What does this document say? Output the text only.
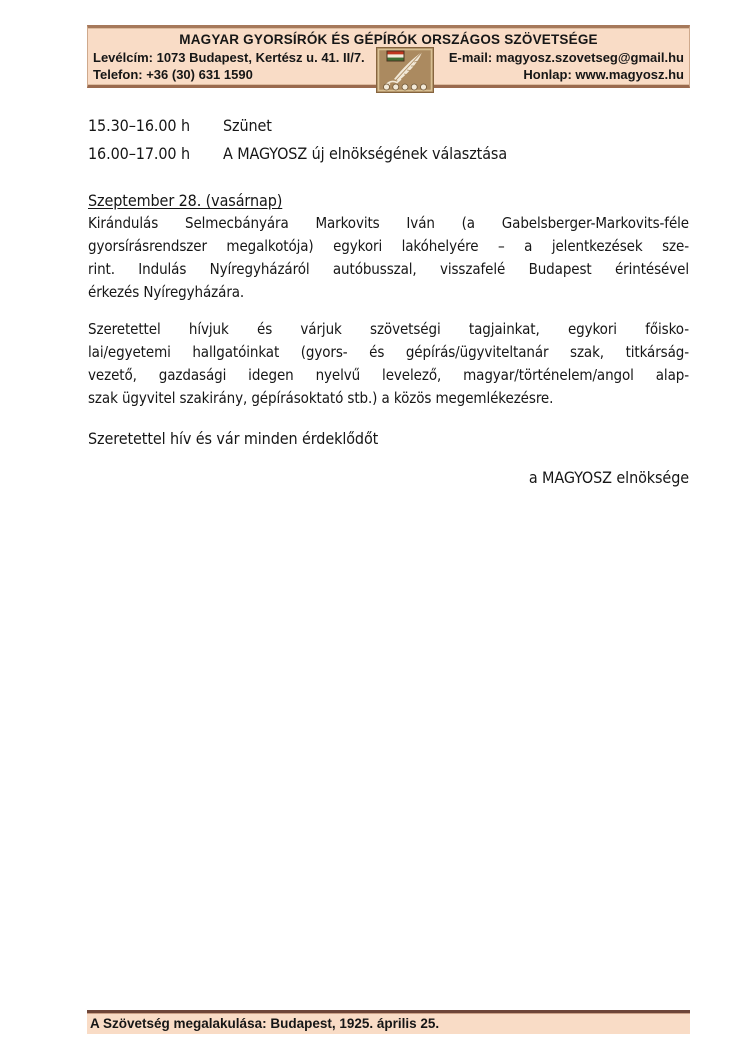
MAGYAR GYORSÍRÓK ÉS GÉPÍRÓK ORSZÁGOS SZÖVETSÉGE
Levélcím: 1073 Budapest, Kertész u. 41. II/7.
Telefon: +36 (30) 631 1590
E-mail: magyosz.szovetseg@gmail.hu
Honlap: www.magyosz.hu
15.30–16.00 h	Szünet
16.00–17.00 h	A MAGYOSZ új elnökségének választása
Szeptember 28. (vasárnap)
Kirándulás Selmecbányára Markovits Iván (a Gabelsberger-Markovits-féle
gyorsírásrendszer megalkotója) egykori lakóhelyére – a jelentkezések sze-
rint. Indulás Nyíregyházáról autóbusszal, visszafelé Budapest érintésével
érkezés Nyíregyházára.
Szeretettel hívjuk és várjuk szövetségi tagjainkat, egykori főisko-
lai/egyetemi hallgatóinkat (gyors- és gépírás/ügyviteltanár szak, titkárság-
vezető, gazdasági idegen nyelvű levelező, magyar/történelem/angol alap-
szak ügyvitel szakirány, gépírásoktató stb.) a közös megemlékezésre.
Szeretettel hív és vár minden érdeklődőt
a MAGYOSZ elnöksége
A Szövetség megalakulása: Budapest, 1925. április 25.
